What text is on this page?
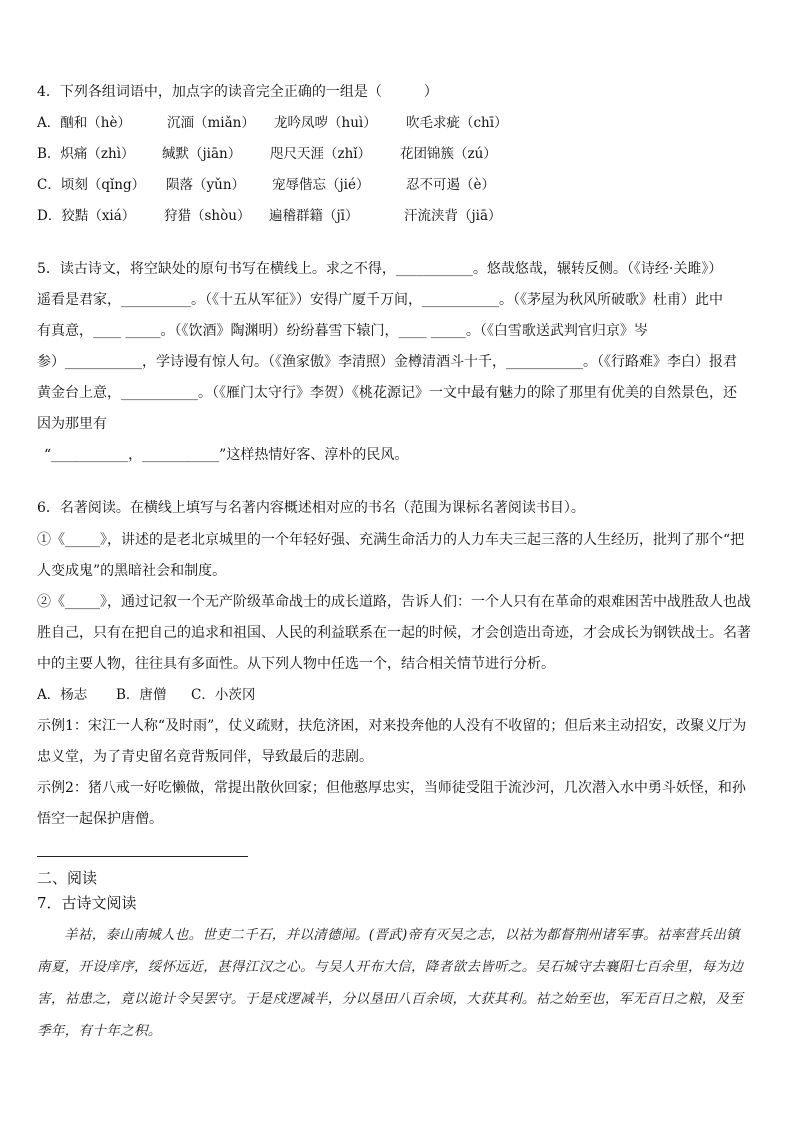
4．下列各组词语中，加点字的读音完全正确的一组是（　　　）
A．酗和（hè）	沉湎（miǎn） 龙吟凤哕（huì） 吹毛求疵（chī）
B．炽痛（zhì） 缄默（jiān） 咫尺天涯（zhǐ） 花团锦簇（zú）
C．顷刻（qǐng） 陨落（yǔn） 宠辱偕忘（jié）	忍不可遏（è）
D．狡黠（xiá） 狩猎（shòu） 遍稽群籍（jī）	汗流浃背（jiā）
5．读古诗文，将空缺处的原句书写在横线上。求之不得，___________。悠哉悠哉，辗转反侧。（《诗经·关雎》）
遥看是君家，__________。（《十五从军征》）安得广厦千万间，___________。（《茅屋为秋风所破歌》杜甫）此中
有真意，____ _____。（《饮酒》陶渊明）纷纷暮雪下辕门，____ _____。（《白雪歌送武判官归京》岑
参）___________，学诗谩有惊人句。（《渔家傲》李清照）金樽清酒斗十千，___________。（《行路难》李白）报君
黄金台上意，___________。（《雁门太守行》李贺）《桃花源记》一文中最有魅力的除了那里有优美的自然景色，还
因为那里有
“___________，___________”这样热情好客、淳朴的民风。
6．名著阅读。在横线上填写与名著内容概述相对应的书名（范围为课标名著阅读书目）。
①《_____》，讲述的是老北京城里的一个年轻好强、充满生命活力的人力车夫三起三落的人生经历，批判了那个“把
人变成鬼”的黑暗社会和制度。
②《_____》，通过记叙一个无产阶级革命战士的成长道路，告诉人们：一个人只有在革命的艰难困苦中战胜敌人也战
胜自己，只有在把自己的追求和祖国、人民的利益联系在一起的时候，才会创造出奇迹，才会成长为钢铁战士。名著
中的主要人物，往往具有多面性。从下列人物中任选一个，结合相关情节进行分析。
A．杨志 B．唐僧 C．小茨冈
示例1：宋江一人称“及时雨”，仗义疏财，扶危济困，对来投奔他的人没有不收留的；但后来主动招安，改聚义厅为
忠义堂，为了青史留名竟背叛同伴，导致最后的悲剧。
示例2：猪八戒一好吃懒做，常提出散伙回家；但他憨厚忠实，当师徒受阻于流沙河，几次潜入水中勇斗妖怪，和孙
悟空一起保护唐僧。
二、阅读
7．古诗文阅读
羊祜，泰山南城人也。世吏二千石，并以清德闻。(晋武)帝有灭吴之志，以祜为都督荆州诸军事。祜率营兵出镇
南夏，开设庠序，绥怀远近，甚得江汉之心。与吴人开布大信，降者欲去皆听之。吴石城守去襄阳七百余里，每为边
害，祜患之，竟以诡计令吴罢守。于是戍逻减半，分以垦田八百余顷，大获其利。祜之始至也，军无百日之粮，及至
季年，有十年之积。
